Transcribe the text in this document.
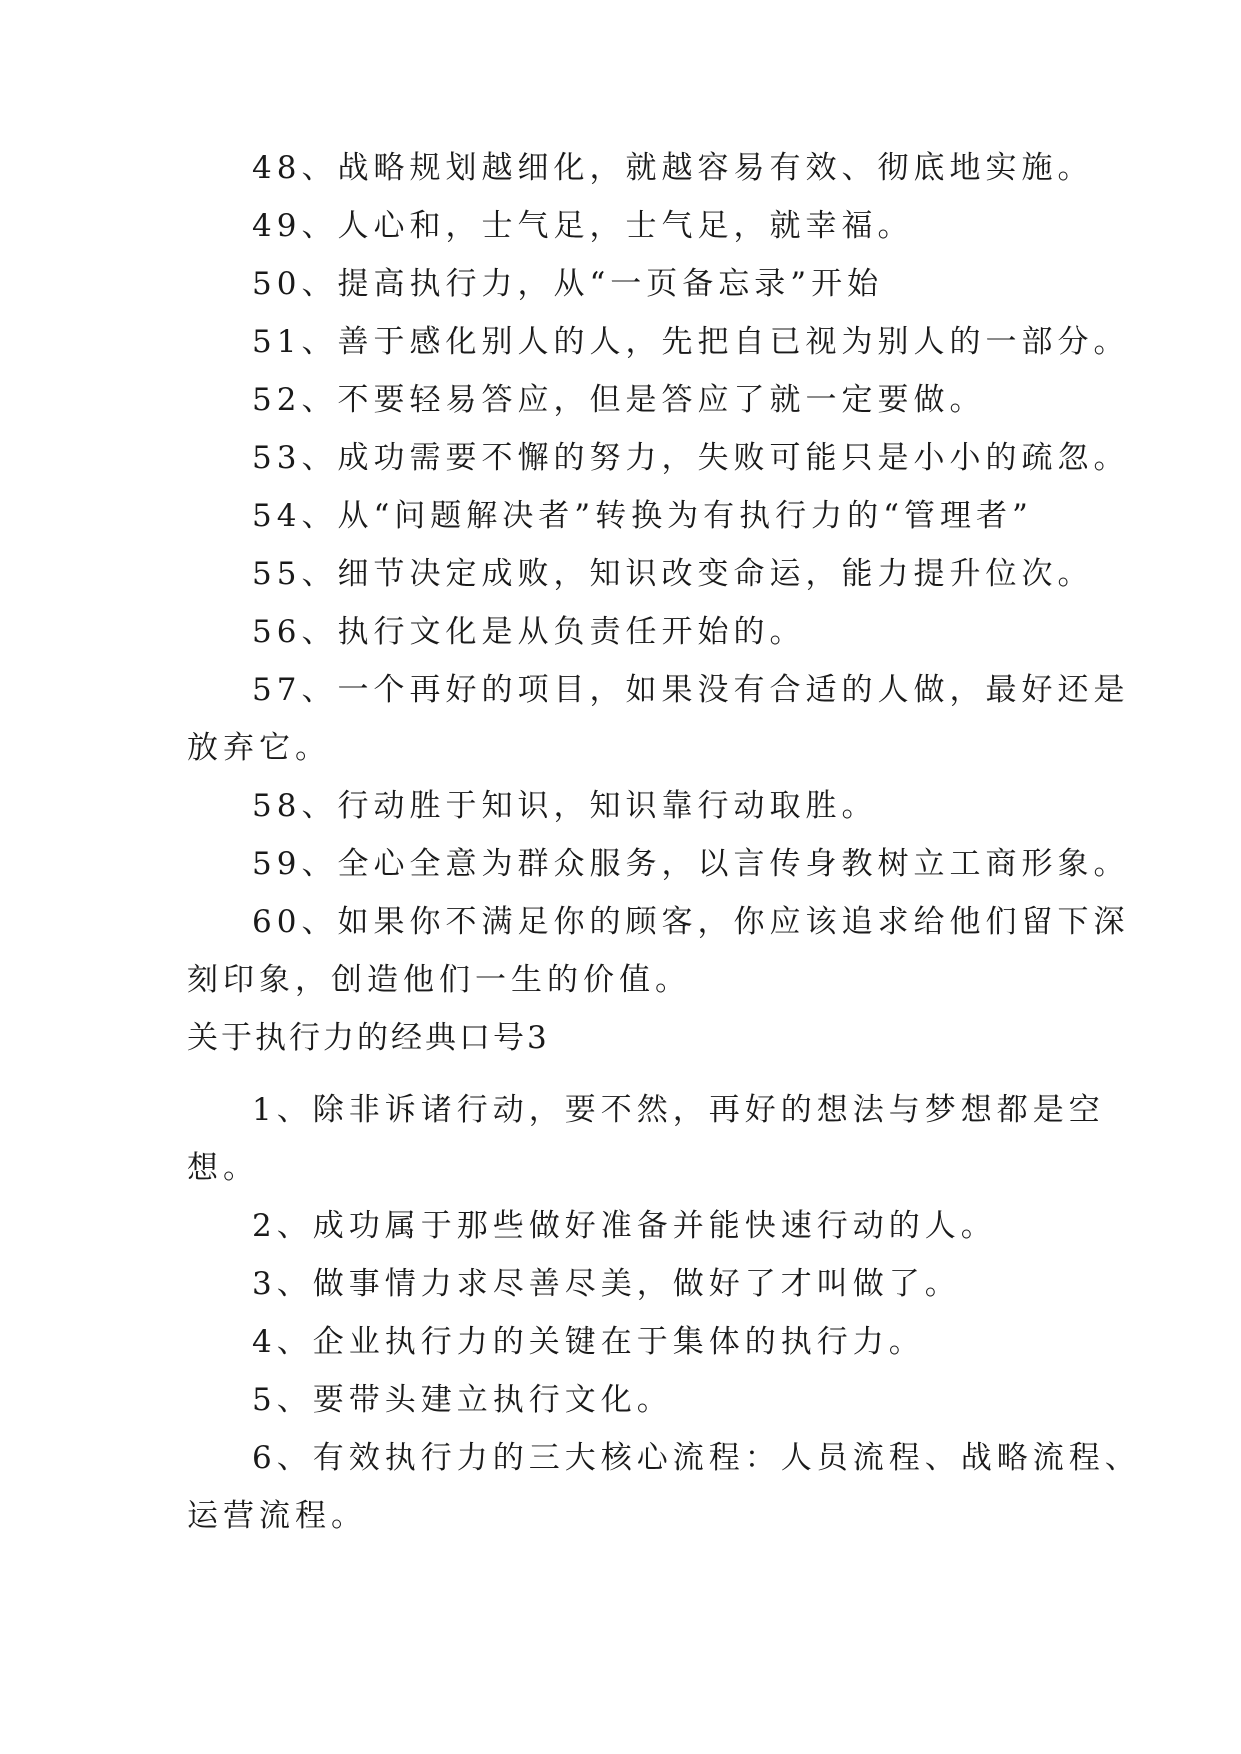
48、战略规划越细化，就越容易有效、彻底地实施。
49、人心和，士气足，士气足，就幸福。
50、提高执行力，从“一页备忘录”开始
51、善于感化别人的人，先把自已视为别人的一部分。
52、不要轻易答应，但是答应了就一定要做。
53、成功需要不懈的努力，失败可能只是小小的疏忽。
54、从“问题解决者”转换为有执行力的“管理者”
55、细节决定成败，知识改变命运，能力提升位次。
56、执行文化是从负责任开始的。
57、一个再好的项目，如果没有合适的人做，最好还是
放弃它。
58、行动胜于知识，知识靠行动取胜。
59、全心全意为群众服务，以言传身教树立工商形象。
60、如果你不满足你的顾客，你应该追求给他们留下深
刻印象，创造他们一生的价值。
关于执行力的经典口号3
1、除非诉诸行动，要不然，再好的想法与梦想都是空
想。
2、成功属于那些做好准备并能快速行动的人。
3、做事情力求尽善尽美，做好了才叫做了。
4、企业执行力的关键在于集体的执行力。
5、要带头建立执行文化。
6、有效执行力的三大核心流程：人员流程、战略流程、
运营流程。
